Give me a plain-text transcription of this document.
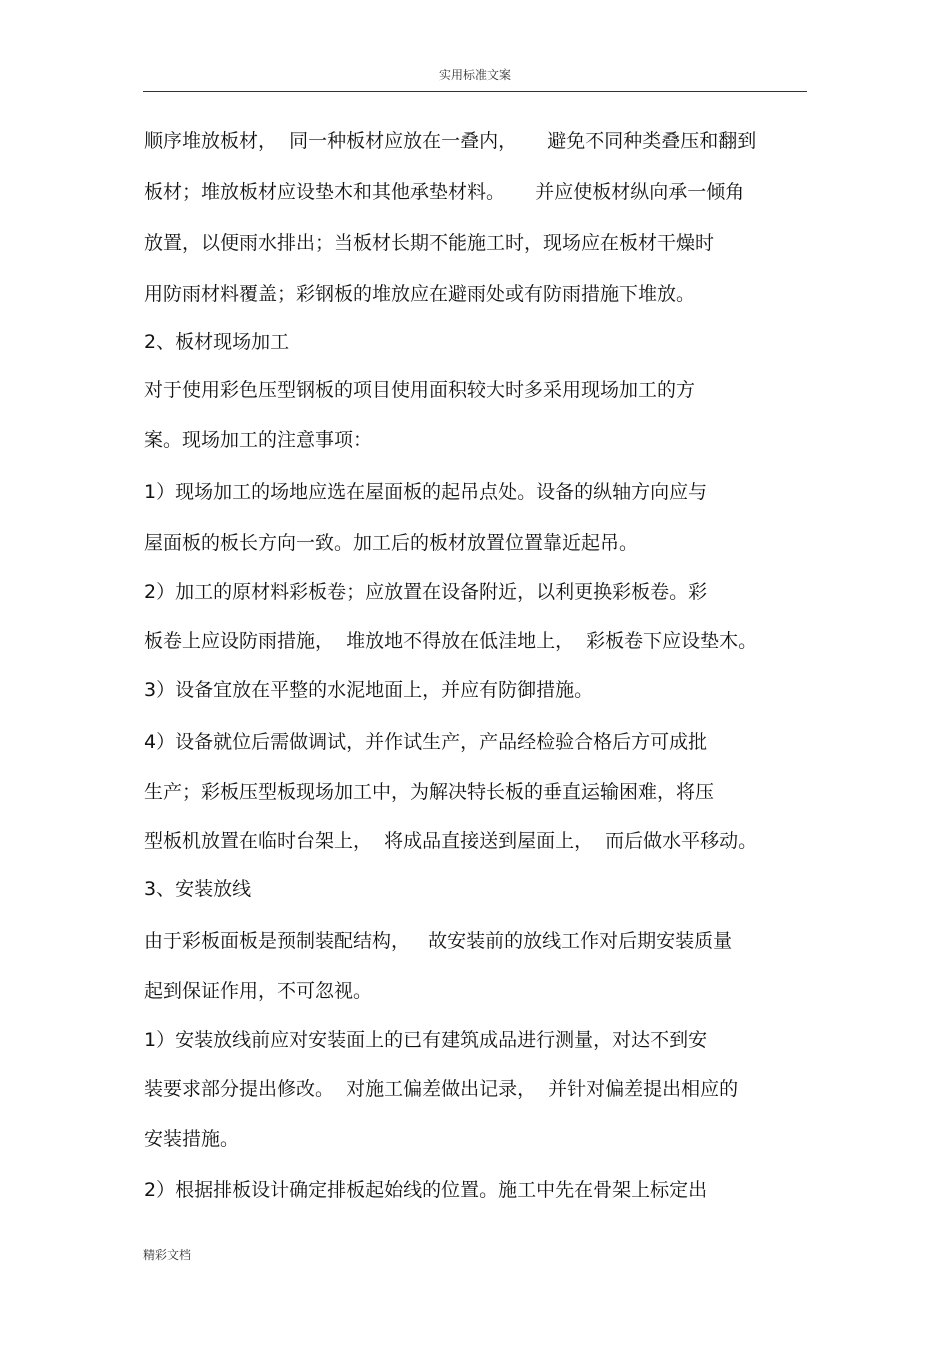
实用标准文案
顺序堆放板材，  同一种板材应放在一叠内，     避免不同种类叠压和翻到
板材；堆放板材应设垫木和其他承垫材料。     并应使板材纵向承一倾角
放置，以便雨水排出；当板材长期不能施工时，现场应在板材干燥时
用防雨材料覆盖；彩钢板的堆放应在避雨处或有防雨措施下堆放。
2、板材现场加工
对于使用彩色压型钢板的项目使用面积较大时多采用现场加工的方
案。现场加工的注意事项：
1）现场加工的场地应选在屋面板的起吊点处。设备的纵轴方向应与
屋面板的板长方向一致。加工后的板材放置位置靠近起吊。
2）加工的原材料彩板卷；应放置在设备附近，以利更换彩板卷。彩
板卷上应设防雨措施，  堆放地不得放在低洼地上，  彩板卷下应设垫木。
3）设备宜放在平整的水泥地面上，并应有防御措施。
4）设备就位后需做调试，并作试生产，产品经检验合格后方可成批
生产；彩板压型板现场加工中，为解决特长板的垂直运输困难，将压
型板机放置在临时台架上，  将成品直接送到屋面上，  而后做水平移动。
3、安装放线
由于彩板面板是预制装配结构，   故安装前的放线工作对后期安装质量
起到保证作用，不可忽视。
1）安装放线前应对安装面上的已有建筑成品进行测量，对达不到安
装要求部分提出修改。  对施工偏差做出记录，  并针对偏差提出相应的
安装措施。
2）根据排板设计确定排板起始线的位置。施工中先在骨架上标定出
精彩文档
